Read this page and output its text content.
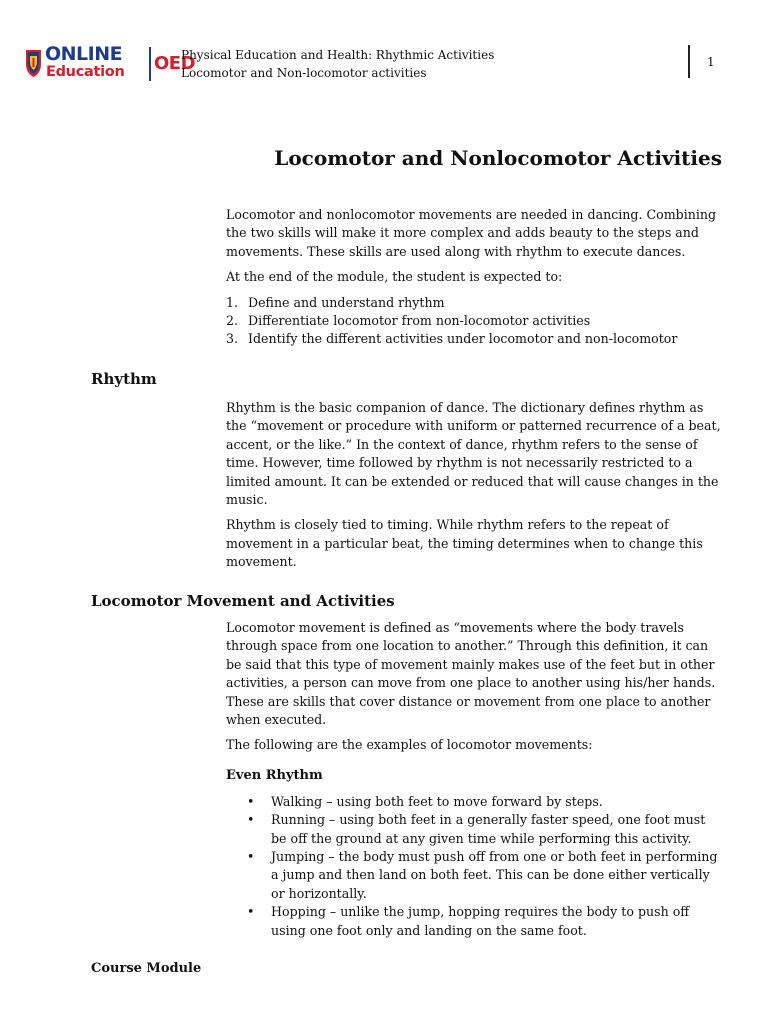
ONLINE
Education OED
Physical Education and Health: Rhythmic Activities
Locomotor and Non-locomotor activities
1
Locomotor and Nonlocomotor Activities

Locomotor and nonlocomotor movements are needed in dancing. Combining the two skills will make it more complex and adds beauty to the steps and movements. These skills are used along with rhythm to execute dances.

At the end of the module, the student is expected to:

1. Define and understand rhythm
2. Differentiate locomotor from non-locomotor activities
3. Identify the different activities under locomotor and non-locomotor
Rhythm

Rhythm is the basic companion of dance. The dictionary defines rhythm as the “movement or procedure with uniform or patterned recurrence of a beat, accent, or the like.” In the context of dance, rhythm refers to the sense of time. However, time followed by rhythm is not necessarily restricted to a limited amount. It can be extended or reduced that will cause changes in the music.

Rhythm is closely tied to timing. While rhythm refers to the repeat of movement in a particular beat, the timing determines when to change this movement.

Locomotor Movement and Activities

Locomotor movement is defined as “movements where the body travels through space from one location to another.” Through this definition, it can be said that this type of movement mainly makes use of the feet but in other activities, a person can move from one place to another using his/her hands. These are skills that cover distance or movement from one place to another when executed.

The following are the examples of locomotor movements:

Even Rhythm
• Walking – using both feet to move forward by steps.
• Running – using both feet in a generally faster speed, one foot must be off the ground at any given time while performing this activity.
• Jumping – the body must push off from one or both feet in performing a jump and then land on both feet. This can be done either vertically or horizontally.
• Hopping – unlike the jump, hopping requires the body to push off using one foot only and landing on the same foot.
Course Module
